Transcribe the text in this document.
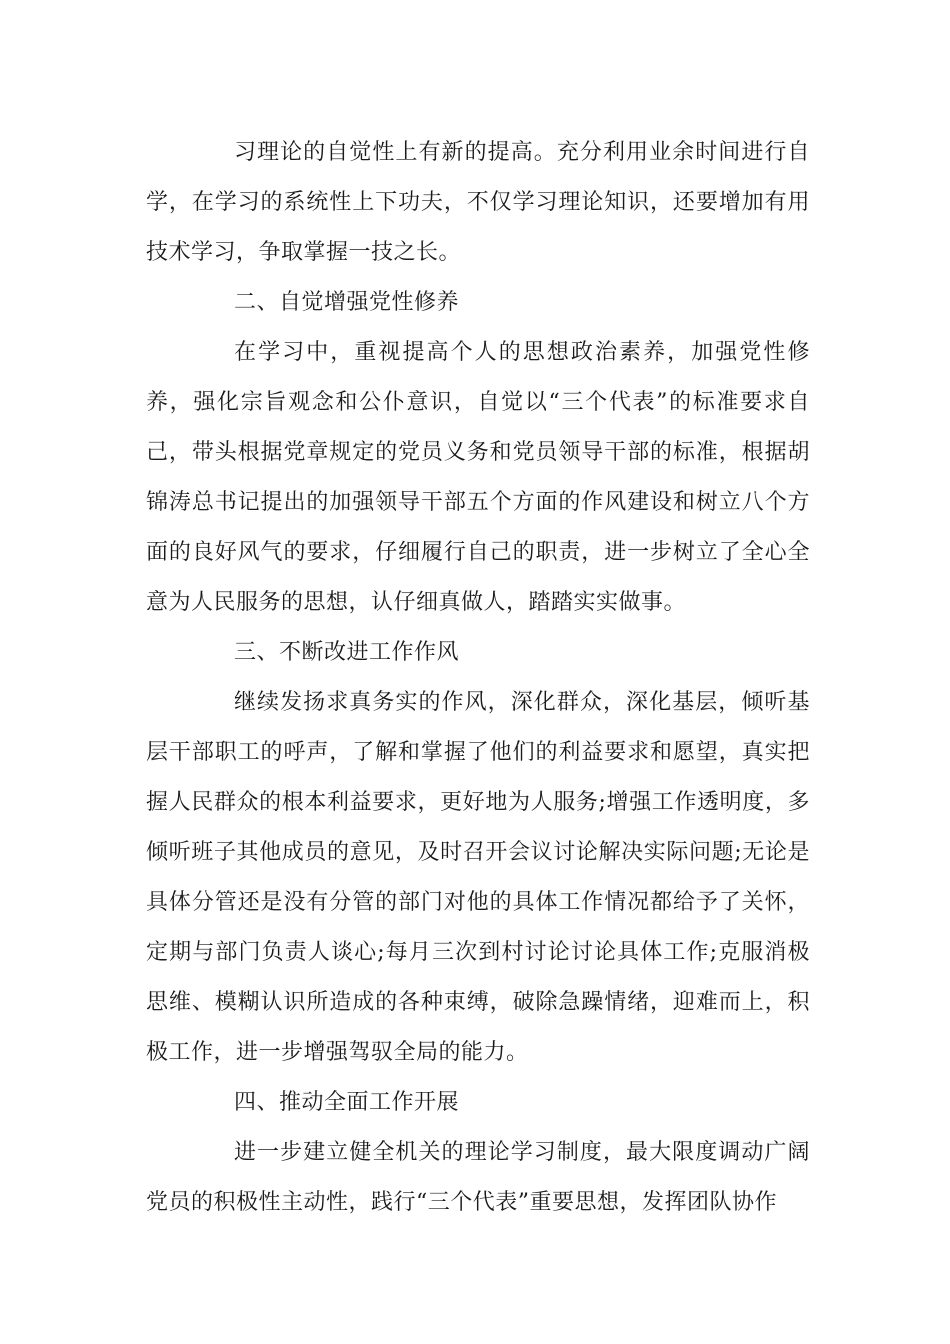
习理论的自觉性上有新的提高。充分利用业余时间进行自学，在学习的系统性上下功夫，不仅学习理论知识，还要增加有用技术学习，争取掌握一技之长。

二、自觉增强党性修养

在学习中，重视提高个人的思想政治素养，加强党性修养，强化宗旨观念和公仆意识，自觉以“三个代表”的标准要求自己，带头根据党章规定的党员义务和党员领导干部的标准，根据胡锦涛总书记提出的加强领导干部五个方面的作风建设和树立八个方面的良好风气的要求，仔细履行自己的职责，进一步树立了全心全意为人民服务的思想，认仔细真做人，踏踏实实做事。

三、不断改进工作作风

继续发扬求真务实的作风，深化群众，深化基层，倾听基层干部职工的呼声，了解和掌握了他们的利益要求和愿望，真实把握人民群众的根本利益要求，更好地为人服务;增强工作透明度，多倾听班子其他成员的意见，及时召开会议讨论解决实际问题;无论是具体分管还是没有分管的部门对他的具体工作情况都给予了关怀，定期与部门负责人谈心;每月三次到村讨论讨论具体工作;克服消极思维、模糊认识所造成的各种束缚，破除急躁情绪，迎难而上，积极工作，进一步增强驾驭全局的能力。

四、推动全面工作开展

进一步建立健全机关的理论学习制度，最大限度调动广阔党员的积极性主动性，践行“三个代表”重要思想，发挥团队协作
